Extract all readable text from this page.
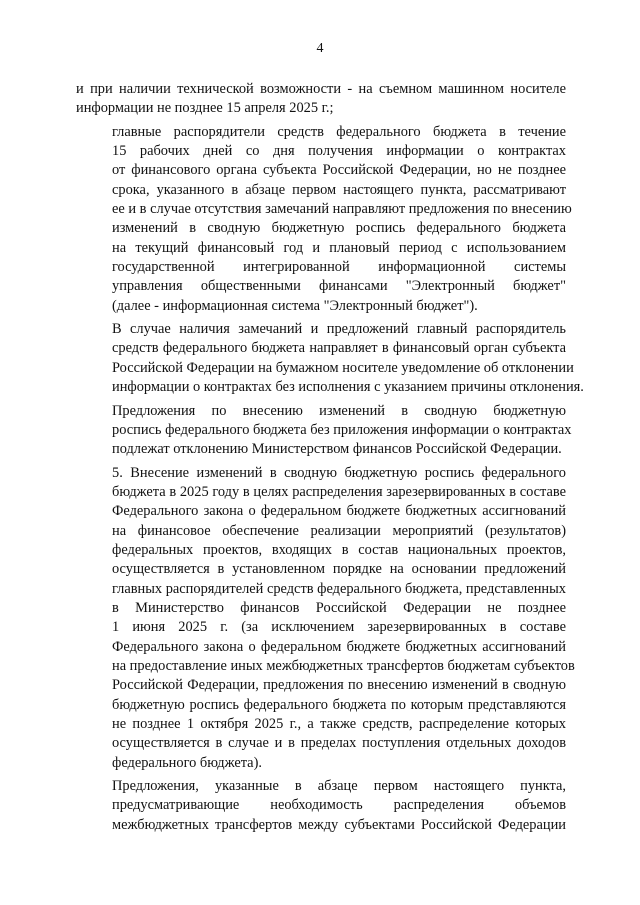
4

и при наличии технической возможности - на съемном машинном носителе
информации не позднее 15 апреля 2025 г.;

главные распорядители средств федерального бюджета в течение
15 рабочих дней со дня получения информации о контрактах
от финансового органа субъекта Российской Федерации, но не позднее
срока, указанного в абзаце первом настоящего пункта, рассматривают
ее и в случае отсутствия замечаний направляют предложения по внесению
изменений в сводную бюджетную роспись федерального бюджета
на текущий финансовый год и плановый период с использованием
государственной интегрированной информационной системы
управления общественными финансами "Электронный бюджет"
(далее - информационная система "Электронный бюджет").

В случае наличия замечаний и предложений главный распорядитель
средств федерального бюджета направляет в финансовый орган субъекта
Российской Федерации на бумажном носителе уведомление об отклонении
информации о контрактах без исполнения с указанием причины отклонения.

Предложения по внесению изменений в сводную бюджетную
роспись федерального бюджета без приложения информации о контрактах
подлежат отклонению Министерством финансов Российской Федерации.

5. Внесение изменений в сводную бюджетную роспись федерального
бюджета в 2025 году в целях распределения зарезервированных в составе
Федерального закона о федеральном бюджете бюджетных ассигнований
на финансовое обеспечение реализации мероприятий (результатов)
федеральных проектов, входящих в состав национальных проектов,
осуществляется в установленном порядке на основании предложений
главных распорядителей средств федерального бюджета, представленных
в Министерство финансов Российской Федерации не позднее
1 июня 2025 г. (за исключением зарезервированных в составе
Федерального закона о федеральном бюджете бюджетных ассигнований
на предоставление иных межбюджетных трансфертов бюджетам субъектов
Российской Федерации, предложения по внесению изменений в сводную
бюджетную роспись федерального бюджета по которым представляются
не позднее 1 октября 2025 г., а также средств, распределение которых
осуществляется в случае и в пределах поступления отдельных доходов
федерального бюджета).

Предложения, указанные в абзаце первом настоящего пункта,
предусматривающие необходимость распределения объемов
межбюджетных трансфертов между субъектами Российской Федерации
